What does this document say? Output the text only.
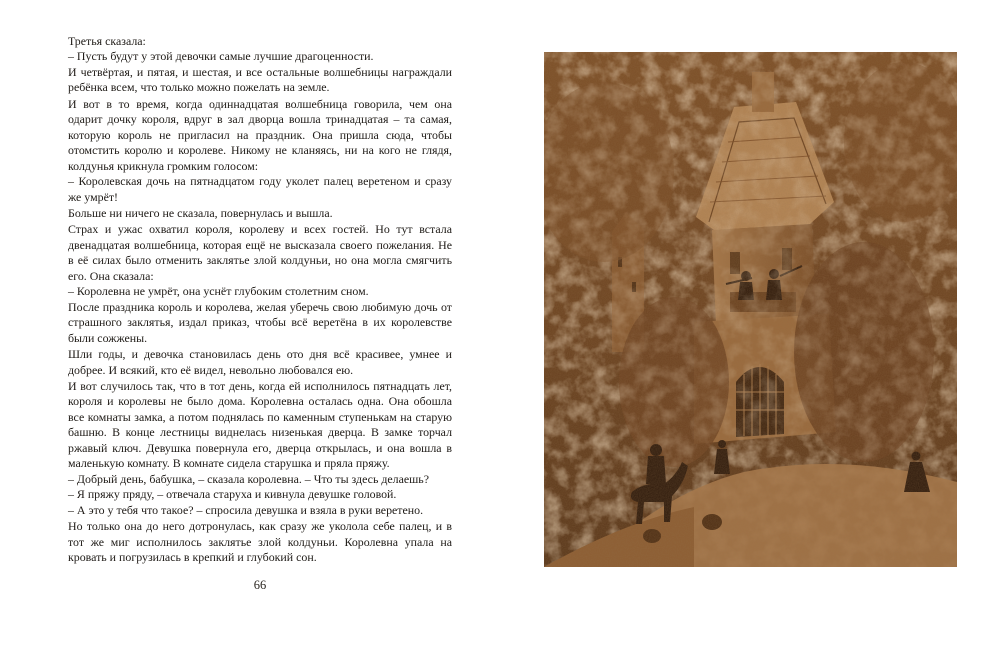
Третья сказала:

– Пусть будут у этой девочки самые лучшие драгоценности.

И четвёртая, и пятая, и шестая, и все остальные волшебницы награждали ребёнка всем, что только можно пожелать на земле.

И вот в то время, когда одиннадцатая волшебница говорила, чем она одарит дочку короля, вдруг в зал дворца вошла тринадцатая – та самая, которую король не пригласил на праздник. Она пришла сюда, чтобы отомстить королю и королеве. Никому не кланяясь, ни на кого не глядя, колдунья крикнула громким голосом:

– Королевская дочь на пятнадцатом году уколет палец веретеном и сразу же умрёт!

Больше ни ничего не сказала, повернулась и вышла.

Страх и ужас охватил короля, королеву и всех гостей. Но тут встала двенадцатая волшебница, которая ещё не высказала своего пожелания. Не в её силах было отменить заклятье злой колдуньи, но она могла смягчить его. Она сказала:

– Королевна не умрёт, она уснёт глубоким столетним сном.

После праздника король и королева, желая уберечь свою любимую дочь от страшного заклятья, издал приказ, чтобы всё веретёна в их королевстве были сожжены.

Шли годы, и девочка становилась день ото дня всё красивее, умнее и добрее. И всякий, кто её видел, невольно любовался ею.

И вот случилось так, что в тот день, когда ей исполнилось пятнадцать лет, короля и королевы не было дома. Королевна осталась одна. Она обошла все комнаты замка, а потом поднялась по каменным ступенькам на старую башню. В конце лестницы виднелась низенькая дверца. В замке торчал ржавый ключ. Девушка повернула его, дверца открылась, и она вошла в маленькую комнату. В комнате сидела старушка и пряла пряжу.

– Добрый день, бабушка, – сказала королевна. – Что ты здесь делаешь?

– Я пряжу пряду, – отвечала старуха и кивнула девушке головой.

– А это у тебя что такое? – спросила девушка и взяла в руки веретено.

Но только она до него дотронулась, как сразу же уколола себе палец, и в тот же миг исполнилось заклятье злой колдуньи. Королевна упала на кровать и погрузилась в крепкий и глубокий сон.

66
